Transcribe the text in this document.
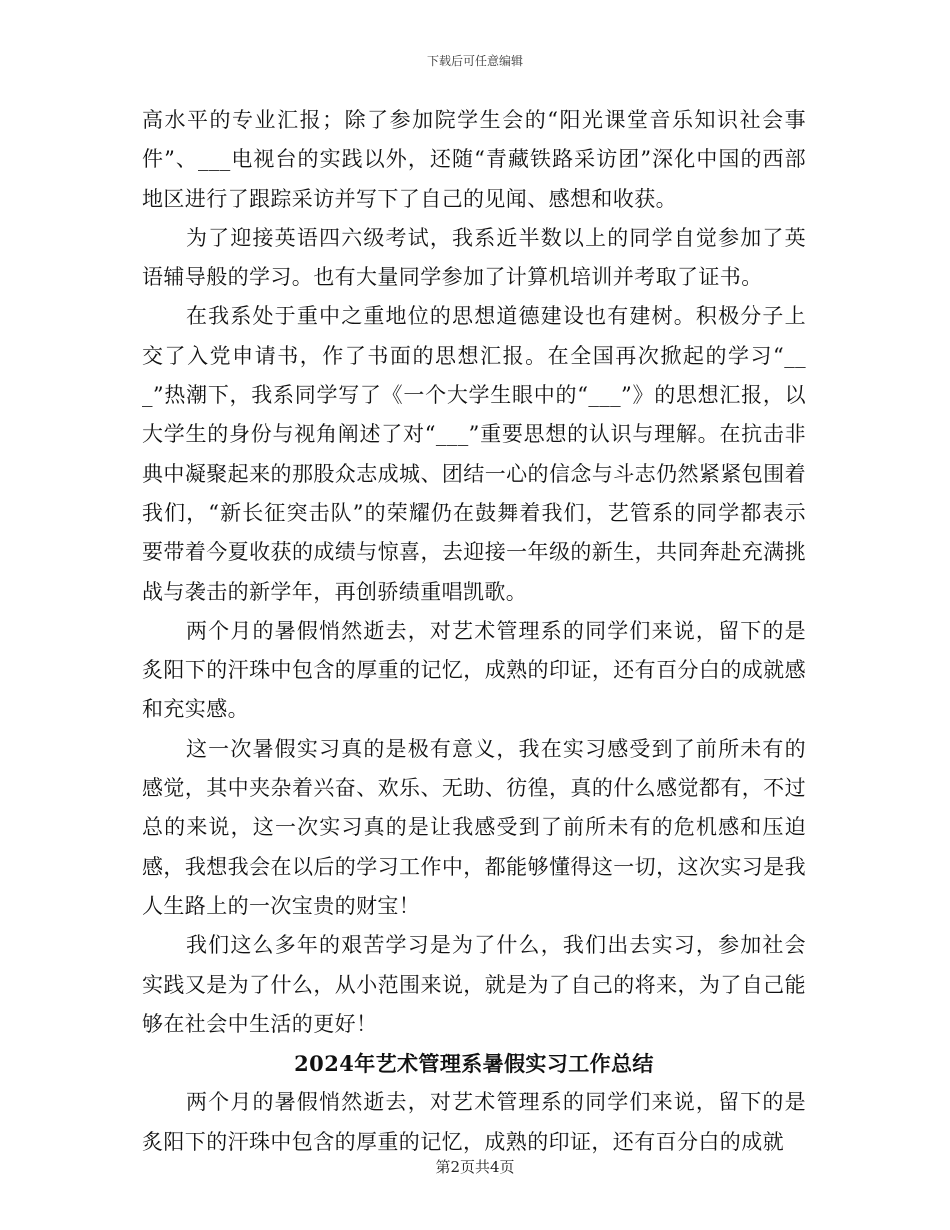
下载后可任意编辑

高水平的专业汇报；除了参加院学生会的“阳光课堂音乐知识社会事件”、___电视台的实践以外，还随“青藏铁路采访团”深化中国的西部地区进行了跟踪采访并写下了自己的见闻、感想和收获。

为了迎接英语四六级考试，我系近半数以上的同学自觉参加了英语辅导般的学习。也有大量同学参加了计算机培训并考取了证书。

在我系处于重中之重地位的思想道德建设也有建树。积极分子上交了入党申请书，作了书面的思想汇报。在全国再次掀起的学习“___”热潮下，我系同学写了《一个大学生眼中的“___”》的思想汇报，以大学生的身份与视角阐述了对“___”重要思想的认识与理解。在抗击非典中凝聚起来的那股众志成城、团结一心的信念与斗志仍然紧紧包围着我们，“新长征突击队”的荣耀仍在鼓舞着我们，艺管系的同学都表示要带着今夏收获的成绩与惊喜，去迎接一年级的新生，共同奔赴充满挑战与袭击的新学年，再创骄绩重唱凯歌。

两个月的暑假悄然逝去，对艺术管理系的同学们来说，留下的是炙阳下的汗珠中包含的厚重的记忆，成熟的印证，还有百分白的成就感和充实感。

这一次暑假实习真的是极有意义，我在实习感受到了前所未有的感觉，其中夹杂着兴奋、欢乐、无助、彷徨，真的什么感觉都有，不过总的来说，这一次实习真的是让我感受到了前所未有的危机感和压迫感，我想我会在以后的学习工作中，都能够懂得这一切，这次实习是我人生路上的一次宝贵的财宝！

我们这么多年的艰苦学习是为了什么，我们出去实习，参加社会实践又是为了什么，从小范围来说，就是为了自己的将来，为了自己能够在社会中生活的更好！

2024年艺术管理系暑假实习工作总结

两个月的暑假悄然逝去，对艺术管理系的同学们来说，留下的是炙阳下的汗珠中包含的厚重的记忆，成熟的印证，还有百分白的成就

第2页共4页
